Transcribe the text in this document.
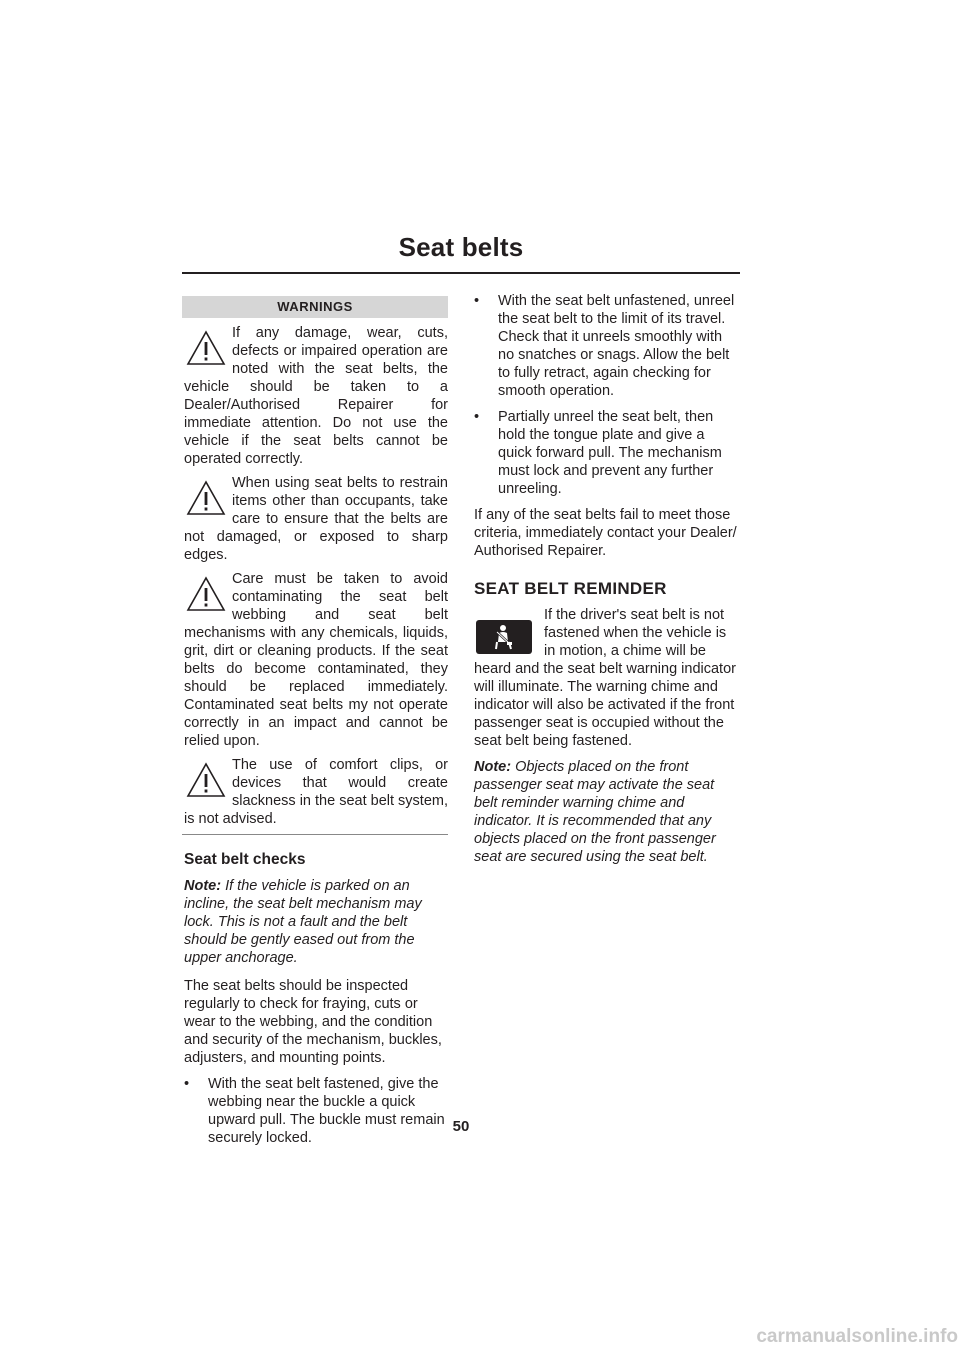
Seat belts
WARNINGS

If any damage, wear, cuts, defects or impaired operation are noted with the seat belts, the vehicle should be taken to a Dealer/Authorised Repairer for immediate attention. Do not use the vehicle if the seat belts cannot be operated correctly.

When using seat belts to restrain items other than occupants, take care to ensure that the belts are not damaged, or exposed to sharp edges.

Care must be taken to avoid contaminating the seat belt webbing and seat belt mechanisms with any chemicals, liquids, grit, dirt or cleaning products. If the seat belts do become contaminated, they should be replaced immediately. Contaminated seat belts my not operate correctly in an impact and cannot be relied upon.

The use of comfort clips, or devices that would create slackness in the seat belt system, is not advised.

Seat belt checks

Note: If the vehicle is parked on an incline, the seat belt mechanism may lock. This is not a fault and the belt should be gently eased out from the upper anchorage.

The seat belts should be inspected regularly to check for fraying, cuts or wear to the webbing, and the condition and security of the mechanism, buckles, adjusters, and mounting points.

• With the seat belt fastened, give the webbing near the buckle a quick upward pull. The buckle must remain securely locked.
• With the seat belt unfastened, unreel the seat belt to the limit of its travel. Check that it unreels smoothly with no snatches or snags. Allow the belt to fully retract, again checking for smooth operation.
• Partially unreel the seat belt, then hold the tongue plate and give a quick forward pull. The mechanism must lock and prevent any further unreeling.

If any of the seat belts fail to meet those criteria, immediately contact your Dealer/ Authorised Repairer.

SEAT BELT REMINDER

If the driver's seat belt is not fastened when the vehicle is in motion, a chime will be heard and the seat belt warning indicator will illuminate. The warning chime and indicator will also be activated if the front passenger seat is occupied without the seat belt being fastened.

Note: Objects placed on the front passenger seat may activate the seat belt reminder warning chime and indicator. It is recommended that any objects placed on the front passenger seat are secured using the seat belt.

50
carmanualsonline.info
